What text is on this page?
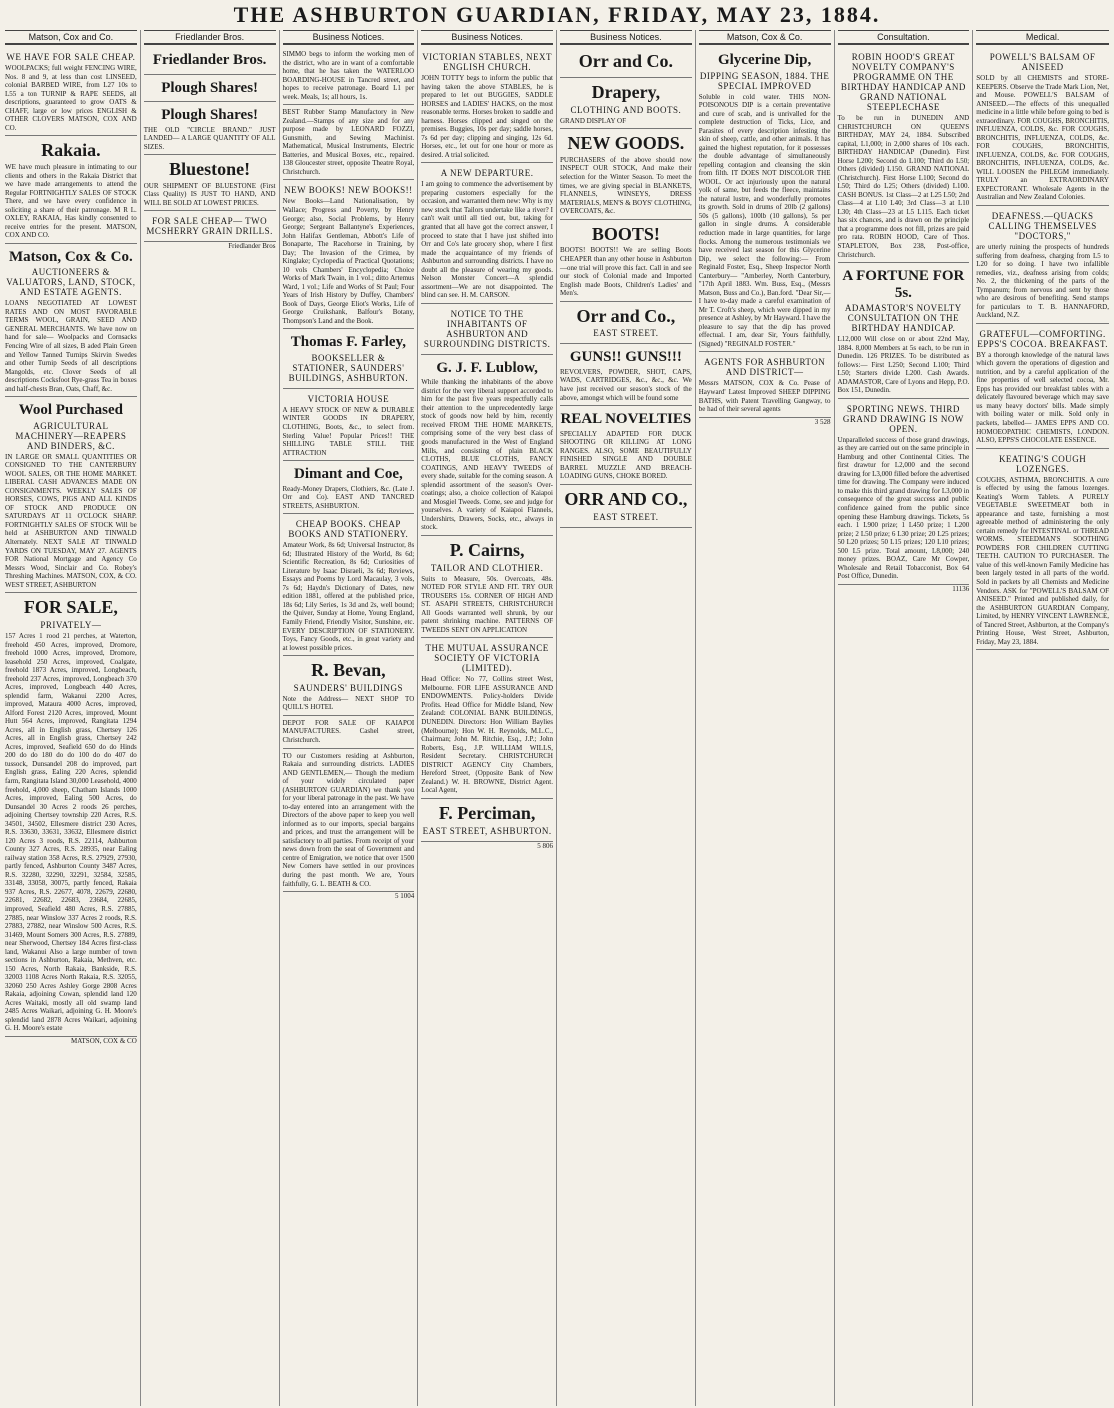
THE ASHBURTON GUARDIAN, FRIDAY, MAY 23, 1884.
Matson, Cox and Co.
WE HAVE FOR SALE CHEAP.
WOOLPACKS; full weight FENCING WIRE, Nos. 8 and 9, at less than cost LINSEED, colonial BARBED WIRE, from L27 10s to L55 a ton TURNIP & RAPE SEEDS, all descriptions, guaranteed to grow OATS & CHAFF, large or low prices ENGLISH & OTHER CLOVERS MATSON, COX AND CO.
Rakaia.
WE have much pleasure in intimating to our clients and others in the Rakaia District that we have made arrangements to attend the Regular FORTNIGHTLY SALES OF STOCK There, and we have every confidence in soliciting a share of their patronage. M R L. OXLEY, RAKAIA, Has kindly consented to receive entries for the present. MATSON, COX AND CO.
Matson, Cox & Co.
AUCTIONEERS & VALUATORS, LAND, STOCK, AND ESTATE AGENTS.
LOANS NEGOTIATED AT LOWEST RATES AND ON MOST FAVORABLE TERMS WOOL, GRAIN, SEED AND GENERAL MERCHANTS. We have now on hand for sale— Woolpacks and Cornsacks Fencing Wire of all sizes, B aded Plain Green and Yellow Tanned Turnips Skirvin Swedes and other Turnip Seeds of all descriptions Mangolds, etc. Clover Seeds of all descriptions Cocksfoot Rye-grass Tea in boxes and half-chests Bran, Oats, Chaff, &c.
Wool Purchased
AGRICULTURAL MACHINERY—REAPERS AND BINDERS, &C.
IN LARGE OR SMALL QUANTITIES OR CONSIGNED TO THE CANTERBURY WOOL SALES, OR THE HOME MARKET. LIBERAL CASH ADVANCES MADE ON CONSIGNMENTS. WEEKLY SALES OF HORSES, COWS, PIGS AND ALL KINDS OF STOCK AND PRODUCE ON SATURDAYS AT 11 O'CLOCK SHARP. FORTNIGHTLY SALES OF STOCK Will be held at ASHBURTON AND TINWALD Alternately. NEXT SALE AT TINWALD YARDS ON TUESDAY, MAY 27. AGENTS FOR National Mortgage and Agency Co Messrs Wood, Sinclair and Co. Robey's Threshing Machines. MATSON, COX, & CO. WEST STREET, ASHBURTON
FOR SALE,
PRIVATELY—
157 Acres 1 rood 21 perches, at Waterton, freehold 450 Acres, improved, Dromore, freehold 1000 Acres, improved, Dromore, leasehold 250 Acres, improved, Coalgate, freehold 1873 Acres, improved, Longbeach, freehold 237 Acres, improved, Longbeach 370 Acres, improved, Longbeach 440 Acres, splendid farm, Wakanui 2200 Acres, improved, Mataura 4000 Acres, improved, Alford Forest 2120 Acres, improved, Mount Hutt 564 Acres, improved, Rangitata 1294 Acres, all in English grass, Chertsey 126 Acres, all in English grass, Chertsey 242 Acres, improved, Seafield 650 do do Hinds 200 do do 180 do do 100 do do 407 do tussock, Dunsandel 208 do improved, part English grass, Ealing 220 Acres, splendid farm, Rangitata Island 30,000 Leasehold, 4000 freehold, 4,000 sheep, Chatham Islands 1000 Acres, improved, Ealing 500 Acres, do Dunsandel 30 Acres 2 roods 26 perches, adjoining Chertsey township 220 Acres, R.S. 34501, 34502, Ellesmere district 230 Acres, R.S. 33630, 33631, 33632, Ellesmere district 120 Acres 3 roods, R.S. 22114, Ashburton County 327 Acres, R.S. 28935, near Ealing railway station 358 Acres, R.S. 27929, 27930, partly fenced, Ashburton County 3487 Acres, R.S. 32280, 32290, 32291, 32584, 32585, 33148, 33058, 30075, partly fenced, Rakaia 937 Acres, R.S. 22677, 4078, 22679, 22680, 22681, 22682, 22683, 23684, 22685, improved, Seafield 480 Acres, R.S. 27885, 27885, near Winslow 337 Acres 2 roods, R.S. 27883, 27882, near Winslow 500 Acres, R.S. 31469, Mount Somers 300 Acres, R.S. 27889, near Sherwood, Chertsey 184 Acres first-class land, Wakanui Also a large number of town sections in Ashburton, Rakaia, Methven, etc. 150 Acres, North Rakaia, Bankside, R.S. 32003 1108 Acres North Rakaia, R.S. 32055, 32060 250 Acres Ashley Gorge 2808 Acres Rakaia, adjoining Cowan, splendid land 120 Acres Waitaki, mostly all old swamp land 2485 Acres Waikari, adjoining G. H. Moore's splendid land 2878 Acres Waikari, adjoining G. H. Moore's estate
MATSON, COX & CO
Friedlander Bros.
Friedlander Bros.
Plough Shares!
Plough Shares!
THE OLD "CIRCLE BRAND." JUST LANDED— A LARGE QUANTITY OF ALL SIZES.
Bluestone!
OUR SHIPMENT OF BLUESTONE (First Class Quality) IS JUST TO HAND, AND WILL BE SOLD AT LOWEST PRICES.
FOR SALE CHEAP— TWO MCSHERRY GRAIN DRILLS.
Friedlander Bros
Business Notices.
SIMMO begs to inform the working men of the district, who are in want of a comfortable home, that he has taken the WATERLOO BOARDING-HOUSE in Tancred street, and hopes to receive patronage. Board L1 per week. Meals, 1s; all hours, 1s.
BEST Rubber Stamp Manufactory in New Zealand.—Stamps of any size and for any purpose made by LEONARD FOZZI, Gunsmith, and Sewing Machinist. Mathematical, Musical Instruments, Electric Batteries, and Musical Boxes, etc., repaired. 138 Gloucester street, opposite Theatre Royal, Christchurch.
NEW BOOKS! NEW BOOKS!!
New Books—Land Nationalisation, by Wallace; Progress and Poverty, by Henry George; also, Social Problems, by Henry George; Sergeant Ballantyne's Experiences, John Halifax Gentleman, Abbott's Life of Bonaparte, The Racehorse in Training, by Day; The Invasion of the Crimea, by Kinglake; Cyclopedia of Practical Quotations; 10 vols Chambers' Encyclopedia; Choice Works of Mark Twain, in 1 vol.; ditto Artemus Ward, 1 vol.; Life and Works of St Paul; Four Years of Irish History by Duffey, Chambers' Book of Days, George Eliot's Works, Life of George Cruikshank, Balfour's Botany, Thompson's Land and the Book.
Thomas F. Farley,
BOOKSELLER & STATIONER, SAUNDERS' BUILDINGS, ASHBURTON.
VICTORIA HOUSE
A HEAVY STOCK OF NEW & DURABLE WINTER GOODS IN DRAPERY, CLOTHING, Boots, &c., to select from. Sterling Value! Popular Prices!! THE SHILLING TABLE STILL THE ATTRACTION
Dimant and Coe,
Ready-Money Drapers, Clothiers, &c. (Late J. Orr and Co). EAST AND TANCRED STREETS, ASHBURTON.
CHEAP BOOKS. CHEAP BOOKS AND STATIONERY.
Amateur Work, 8s 6d; Universal Instructor, 8s 6d; Illustrated History of the World, 8s 6d; Scientific Recreation, 8s 6d; Curiosities of Literature by Isaac Disraeli, 3s 6d; Reviews, Essays and Poems by Lord Macaulay, 3 vols, 7s 6d; Haydn's Dictionary of Dates, new edition 1881, offered at the published price, 18s 6d; Lily Series, 1s 3d and 2s, well bound; the Quiver, Sunday at Home, Young England, Family Friend, Friendly Visitor, Sunshine, etc. EVERY DESCRIPTION OF STATIONERY. Toys, Fancy Goods, etc., in great variety and at lowest possible prices.
R. Bevan,
SAUNDERS' BUILDINGS
Note the Address— NEXT SHOP TO QUILL'S HOTEL
DEPOT FOR SALE OF KAIAPOI MANUFACTURES. Cashel street, Christchurch.
TO our Customers residing at Ashburton, Rakaia and surrounding districts. LADIES AND GENTLEMEN,— Though the medium of your widely circulated paper (ASHBURTON GUARDIAN) we thank you for your liberal patronage in the past. We have to-day entered into an arrangement with the Directors of the above paper to keep you well informed as to our imports, special bargains and prices, and trust the arrangement will be satisfactory to all parties. From receipt of your news down from the seat of Government and centre of Emigration, we notice that over 1500 New Comers have settled in our provinces during the past month. We are, Yours faithfully, G. L. BEATH & CO.
5 1004
Business Notices.
VICTORIAN STABLES, NEXT ENGLISH CHURCH.
JOHN TOTTY begs to inform the public that having taken the above STABLES, he is prepared to let out BUGGIES, SADDLE HORSES and LADIES' HACKS, on the most reasonable terms. Horses broken to saddle and harness. Horses clipped and singed on the premises. Buggies, 10s per day; saddle horses, 7s 6d per day; clipping and singing, 12s 6d. Horses, etc., let out for one hour or more as desired. A trial solicited.
A NEW DEPARTURE.
I am going to commence the advertisement by preparing customers especially for the occasion, and warranted them new: Why is my new stock that Tailors undertake like a river? I can't wait until all tied out, but, taking for granted that all have got the correct answer, I proceed to state that I have just shifted into Orr and Co's late grocery shop, where I first made the acquaintance of my friends of Ashburton and surrounding districts. I have no doubt all the pleasure of wearing my goods. Nelson Monster Concert—A splendid assortment—We are not disappointed. The blind can see. H. M. CARSON.
NOTICE TO THE INHABITANTS OF ASHBURTON AND SURROUNDING DISTRICTS.
G. J. F. Lublow,
While thanking the inhabitants of the above district for the very liberal support accorded to him for the past five years respectfully calls their attention to the unprecedentedly large stock of goods now held by him, recently received FROM THE HOME MARKETS, comprising some of the very best class of goods manufactured in the West of England Mills, and consisting of plain BLACK CLOTHS, BLUE CLOTHS, FANCY COATINGS, AND HEAVY TWEEDS of every shade, suitable for the coming season. A splendid assortment of the season's Over-coatings; also, a choice collection of Kaiapoi and Mosgiel Tweeds. Come, see and judge for yourselves. A variety of Kaiapoi Flannels, Undershirts, Drawers, Socks, etc., always in stock.
P. Cairns,
TAILOR AND CLOTHIER.
Suits to Measure, 50s. Overcoats, 48s. NOTED FOR STYLE AND FIT. TRY OUR TROUSERS 15s. CORNER OF HIGH AND ST. ASAPH STREETS, CHRISTCHURCH All Goods warranted well shrunk, by our patent shrinking machine. PATTERNS OF TWEEDS SENT ON APPLICATION
THE MUTUAL ASSURANCE SOCIETY OF VICTORIA (LIMITED).
Head Office: No 77, Collins street West, Melbourne. FOR LIFE ASSURANCE AND ENDOWMENTS. Policy-holders Divide Profits. Head Office for Middle Island, New Zealand: COLONIAL BANK BUILDINGS, DUNEDIN. Directors: Hon William Baylies (Melbourne); Hon W. H. Reynolds, M.L.C., Chairman; John M. Ritchie, Esq., J.P.; John Roberts, Esq., J.P. WILLIAM WILLS, Resident Secretary. CHRISTCHURCH DISTRICT AGENCY City Chambers, Hereford Street, (Opposite Bank of New Zealand.) W. H. BROWNE, District Agent. Local Agent,
F. Perciman,
EAST STREET, ASHBURTON.
5 806
Business Notices.
Orr and Co.
Drapery,
CLOTHING AND BOOTS.
GRAND DISPLAY OF
NEW GOODS.
PURCHASERS of the above should now INSPECT OUR STOCK, And make their selection for the Winter Season. To meet the times, we are giving special in BLANKETS, FLANNELS, WINSEYS, DRESS MATERIALS, MEN'S & BOYS' CLOTHING, OVERCOATS, &c.
BOOTS!
BOOTS! BOOTS!! We are selling Boots CHEAPER than any other house in Ashburton—one trial will prove this fact. Call in and see our stock of Colonial made and Imported English made Boots, Children's Ladies' and Men's.
Orr and Co.,
EAST STREET.
GUNS!! GUNS!!!
REVOLVERS, POWDER, SHOT, CAPS, WADS, CARTRIDGES, &c., &c., &c. We have just received our season's stock of the above, amongst which will be found some
REAL NOVELTIES
SPECIALLY ADAPTED FOR DUCK SHOOTING OR KILLING AT LONG RANGES. ALSO, SOME BEAUTIFULLY FINISHED SINGLE AND DOUBLE BARREL MUZZLE AND BREACH-LOADING GUNS, CHOKE BORED.
ORR AND CO.,
EAST STREET.
Matson, Cox & Co.
Glycerine Dip,
DIPPING SEASON, 1884. THE SPECIAL IMPROVED
Soluble in cold water. THIS NON-POISONOUS DIP is a certain preventative and cure of scab, and is unrivalled for the complete destruction of Ticks, Lice, and Parasites of every description infesting the skin of sheep, cattle, and other animals. It has gained the highest reputation, for it possesses the double advantage of simultaneously repelling contagion and cleansing the skin from filth. IT DOES NOT DISCOLOR THE WOOL. Or act injuriously upon the natural yolk of same, but feeds the fleece, maintains the natural lustre, and wonderfully promotes its growth. Sold in drums of 20lb (2 gallons) 50s (5 gallons), 100lb (10 gallons), 5s per gallon in single drums. A considerable reduction made in large quantities, for large flocks. Among the numerous testimonials we have received last season for this Glycerine Dip, we select the following:— From Reginald Foster, Esq., Sheep Inspector North Canterbury— "Amberley, North Canterbury, "17th April 1883. Wm. Buss, Esq., (Messrs Matson, Buss and Co.), Ban.ford. "Dear Sir,—I have to-day made a careful examination of Mr T. Croft's sheep, which were dipped in my presence at Ashley, by Mr Hayward. I have the pleasure to say that the dip has proved effectual. I am, dear Sir, Yours faithfully, (Signed) "REGINALD FOSTER."
AGENTS FOR ASHBURTON AND DISTRICT—
Messrs MATSON, COX & Co. Pease of Hayward' Latest Improved SHEEP DIPPING BATHS, with Patent Travelling Gangway, to be had of their several agents
3 528
Consultation.
ROBIN HOOD'S GREAT NOVELTY COMPANY'S PROGRAMME ON THE BIRTHDAY HANDICAP AND GRAND NATIONAL STEEPLECHASE
To be run in DUNEDIN AND CHRISTCHURCH ON QUEEN'S BIRTHDAY, MAY 24, 1884. Subscribed capital, L1,000; in 2,000 shares of 10s each. BIRTHDAY HANDICAP (Dunedin). First Horse L200; Second do L100; Third do L50; Others (divided) L150. GRAND NATIONAL (Christchurch). First Horse L100; Second do L50; Third do L25; Others (divided) L100. CASH BONUS. 1st Class—2 at L25 L50; 2nd Class—4 at L10 L40; 3rd Class—3 at L10 L30; 4th Class—23 at L5 L115. Each ticket has six chances, and is drawn on the principle that a programme does not fill, prizes are paid pro rata. ROBIN HOOD, Care of Thos. STAPLETON, Box 238, Post-office, Christchurch.
A FORTUNE FOR 5s.
ADAMASTOR'S NOVELTY CONSULTATION ON THE BIRTHDAY HANDICAP.
L12,000 Will close on or about 22nd May, 1884. 8,000 Members at 5s each, to be run in Dunedin. 126 PRIZES. To be distributed as follows:— First L250; Second L100; Third L50; Starters divide L200. Cash Awards. ADAMASTOR, Care of Lyons and Hepp, P.O. Box 151, Dunedin.
SPORTING NEWS. THIRD GRAND DRAWING IS NOW OPEN.
Unparalleled success of those grand drawings, as they are carried out on the same principle in Hamburg and other Continental Cities. The first drawtur for L2,000 and the second drawing for L3,000 filled before the advertised time for drawing. The Company were induced to make this third grand drawing for L3,000 in consequence of the great success and public confidence gained from the public since opening these Hamburg drawings. Tickets, 5s each. 1 L900 prize; 1 L450 prize; 1 L200 prize; 2 L50 prize; 6 L30 prize; 20 L25 prizes; 50 L20 prizes; 50 L15 prizes; 120 L10 prizes; 500 L5 prize. Total amount, L8,000; 240 money prizes. BOAZ, Care Mr Cowper, Wholesale and Retail Tobacconist, Box 64 Post Office, Dunedin.
11136
Medical.
POWELL'S BALSAM OF ANISEED
SOLD by all CHEMISTS and STORE-KEEPERS. Observe the Trade Mark Lion, Net, and Mouse. POWELL'S BALSAM of ANISEED.—The effects of this unequalled medicine in a little while before going to bed is extraordinary. FOR COUGHS, BRONCHITIS, INFLUENZA, COLDS, &c. FOR COUGHS, BRONCHITIS, INFLUENZA, COLDS, &c. FOR COUGHS, BRONCHITIS, INFLUENZA, COLDS, &c. FOR COUGHS, BRONCHITIS, INFLUENZA, COLDS, &c. WILL LOOSEN the PHLEGM immediately. TRULY an EXTRAORDINARY EXPECTORANT. Wholesale Agents in the Australian and New Zealand Colonies.
DEAFNESS.—QUACKS CALLING THEMSELVES "DOCTORS,"
are utterly ruining the prospects of hundreds suffering from deafness, charging from L5 to L20 for so doing. I have two infallible remedies, viz., deafness arising from colds; No. 2, the thickening of the parts of the Tympanum; from nervous and sent by those who are desirous of benefiting. Send stamps for particulars to T. B. HANNAFORD, Auckland, N.Z.
GRATEFUL—COMFORTING. EPPS'S COCOA. BREAKFAST.
BY a thorough knowledge of the natural laws which govern the operations of digestion and nutrition, and by a careful application of the fine properties of well selected cocoa, Mr. Epps has provided our breakfast tables with a delicately flavoured beverage which may save us many heavy doctors' bills. Made simply with boiling water or milk. Sold only in packets, labelled— JAMES EPPS AND CO. HOMOEOPATHIC CHEMISTS, LONDON. ALSO, EPPS'S CHOCOLATE ESSENCE.
KEATING'S COUGH LOZENGES.
COUGHS, ASTHMA, BRONCHITIS. A cure is effected by using the famous lozenges. Keating's Worm Tablets. A PURELY VEGETABLE SWEETMEAT both in appearance and taste, furnishing a most agreeable method of administering the only certain remedy for INTESTINAL or THREAD WORMS. STEEDMAN'S SOOTHING POWDERS FOR CHILDREN CUTTING TEETH. CAUTION TO PURCHASER. The value of this well-known Family Medicine has been largely tested in all parts of the world. Sold in packets by all Chemists and Medicine Vendors. ASK for "POWELL'S BALSAM OF ANISEED." Printed and published daily, for the ASHBURTON GUARDIAN Company, Limited, by HENRY VINCENT LAWRENCE, of Tancred Street, Ashburton, at the Company's Printing House, West Street, Ashburton, Friday, May 23, 1884.
